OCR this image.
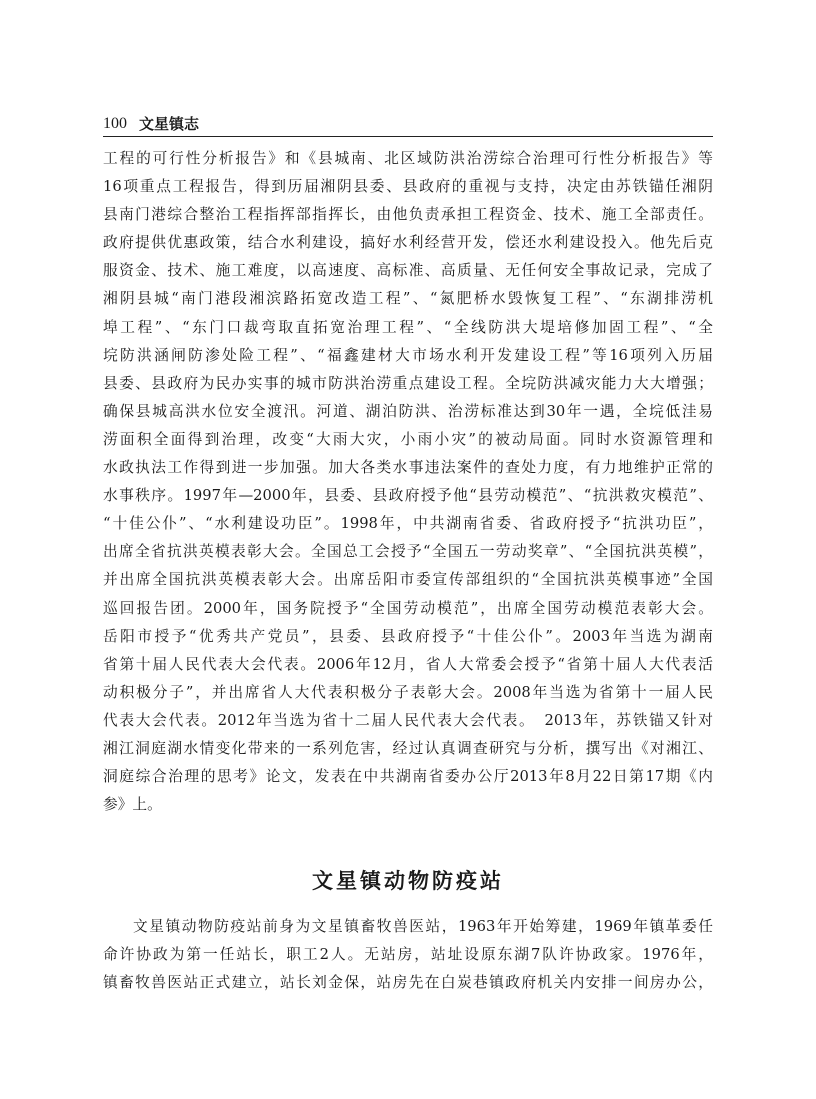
100 文星镇志
工程的可行性分析报告》和《县城南、北区域防洪治涝综合治理可行性分析报告》等
16项重点工程报告，得到历届湘阴县委、县政府的重视与支持，决定由苏铁锚任湘阴
县南门港综合整治工程指挥部指挥长，由他负责承担工程资金、技术、施工全部责任。
政府提供优惠政策，结合水利建设，搞好水利经营开发，偿还水利建设投入。他先后克
服资金、技术、施工难度，以高速度、高标准、高质量、无任何安全事故记录，完成了
湘阴县城“南门港段湘滨路拓宽改造工程”、“氮肥桥水毁恢复工程”、“东湖排涝机
埠工程”、“东门口裁弯取直拓宽治理工程”、“全线防洪大堤培修加固工程”、“全
垸防洪涵闸防渗处险工程”、“福鑫建材大市场水利开发建设工程”等16项列入历届
县委、县政府为民办实事的城市防洪治涝重点建设工程。全垸防洪减灾能力大大增强；
确保县城高洪水位安全渡汛。河道、湖泊防洪、治涝标准达到30年一遇，全垸低洼易
涝面积全面得到治理，改变“大雨大灾，小雨小灾”的被动局面。同时水资源管理和
水政执法工作得到进一步加强。加大各类水事违法案件的查处力度，有力地维护正常的
水事秩序。1997年—2000年，县委、县政府授予他“县劳动模范”、“抗洪救灾模范”、
“十佳公仆”、“水利建设功臣”。1998年，中共湖南省委、省政府授予“抗洪功臣”，
出席全省抗洪英模表彰大会。全国总工会授予“全国五一劳动奖章”、“全国抗洪英模”，
并出席全国抗洪英模表彰大会。出席岳阳市委宣传部组织的“全国抗洪英模事迹”全国
巡回报告团。2000年，国务院授予“全国劳动模范”，出席全国劳动模范表彰大会。
岳阳市授予“优秀共产党员”，县委、县政府授予“十佳公仆”。2003年当选为湖南
省第十届人民代表大会代表。2006年12月，省人大常委会授予“省第十届人大代表活
动积极分子”，并出席省人大代表积极分子表彰大会。2008年当选为省第十一届人民
代表大会代表。2012年当选为省十二届人民代表大会代表。　2013年，苏铁锚又针对
湘江洞庭湖水情变化带来的一系列危害，经过认真调查研究与分析，撰写出《对湘江、
洞庭综合治理的思考》论文，发表在中共湖南省委办公厅2013年8月22日第17期《内
参》上。
文星镇动物防疫站
文星镇动物防疫站前身为文星镇畜牧兽医站，1963年开始筹建，1969年镇革委任
命许协政为第一任站长，职工2人。无站房，站址设原东湖7队许协政家。1976年，
镇畜牧兽医站正式建立，站长刘金保，站房先在白炭巷镇政府机关内安排一间房办公，
